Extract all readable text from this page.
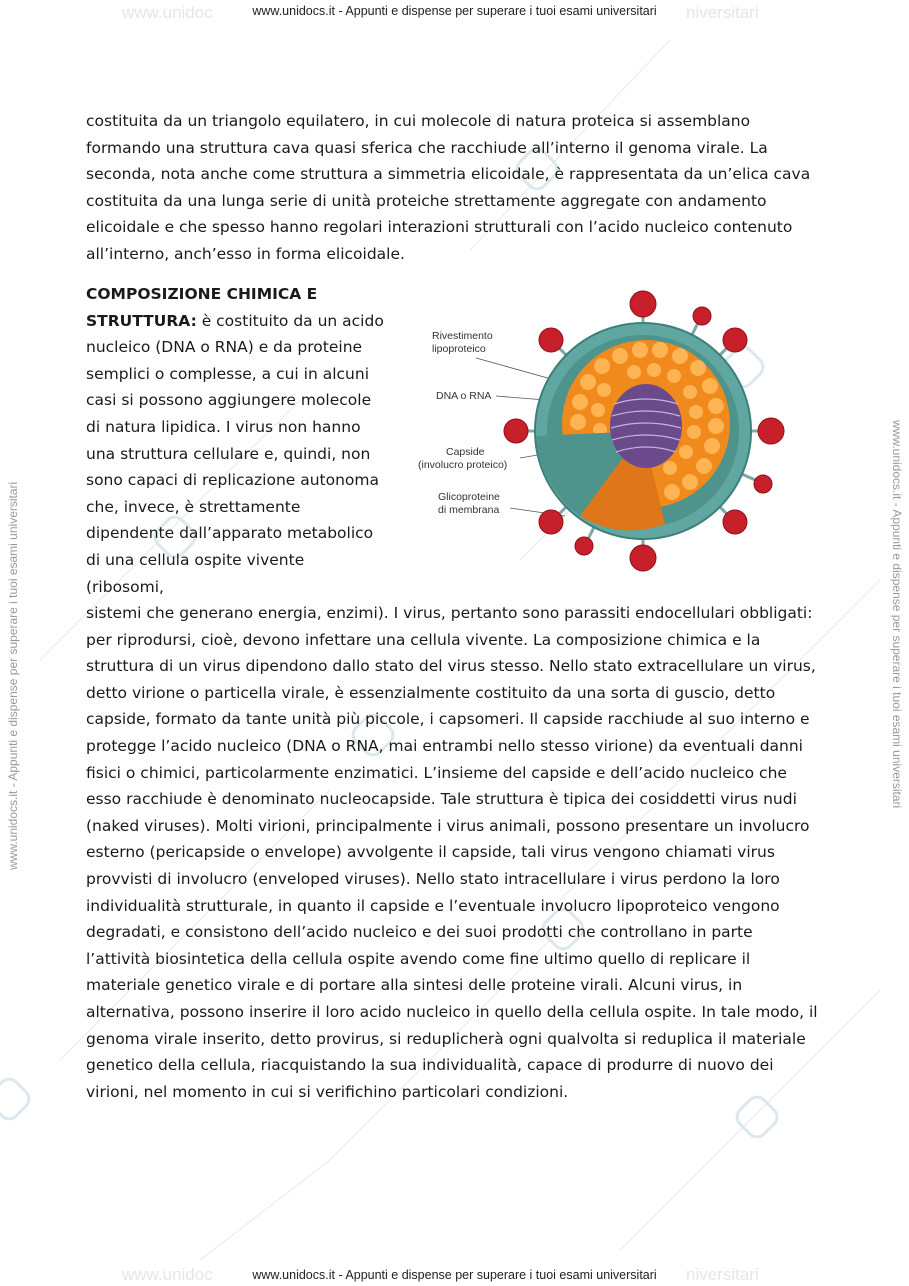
www.unidoc	niversitari
www.unidoc	niversitari
www.unidocs.it - Appunti e dispense per superare i tuoi esami universitari
www.unidocs.it - Appunti e dispense per superare i tuoi esami universitari
www.unidocs.it - Appunti e dispense per superare i tuoi esami universitari	www.unidocs.it - Appunti e dispense per superare i tuoi esami universitari

costituita da un triangolo equilatero, in cui molecole di natura proteica si assemblano formando una struttura cava quasi sferica che racchiude all’interno il genoma virale. La seconda, nota anche come struttura a simmetria elicoidale, è rappresentata da un’elica cava costituita da una lunga serie di unità proteiche strettamente aggregate con andamento elicoidale e che spesso hanno regolari interazioni strutturali con l’acido nucleico contenuto all’interno, anch’esso in forma elicoidale.

COMPOSIZIONE CHIMICA E STRUTTURA: è costituito da un acido nucleico (DNA o RNA) e da proteine semplici o complesse, a cui in alcuni casi si possono aggiungere molecole di natura lipidica. I virus non hanno una struttura cellulare e, quindi, non sono capaci di replicazione autonoma che, invece, è strettamente dipendente dall’apparato metabolico di una cellula ospite vivente (ribosomi,

Rivestimento
lipoproteico
DNA o RNA
Capside
(involucro proteico)
Glicoproteine
di membrana

sistemi che generano energia, enzimi). I virus, pertanto sono parassiti endocellulari obbligati: per riprodursi, cioè, devono infettare una cellula vivente. La composizione chimica e la struttura di un virus dipendono dallo stato del virus stesso. Nello stato extracellulare un virus, detto virione o particella virale, è essenzialmente costituito da una sorta di guscio, detto capside, formato da tante unità più piccole, i capsomeri. Il capside racchiude al suo interno e protegge l’acido nucleico (DNA o RNA, mai entrambi nello stesso virione) da eventuali danni fisici o chimici, particolarmente enzimatici. L’insieme del capside e dell’acido nucleico che esso racchiude è denominato nucleocapside. Tale struttura è tipica dei cosiddetti virus nudi (naked viruses). Molti virioni, principalmente i virus animali, possono presentare un involucro esterno (pericapside o envelope) avvolgente il capside, tali virus vengono chiamati virus provvisti di involucro (enveloped viruses). Nello stato intracellulare i virus perdono la loro individualità strutturale, in quanto il capside e l’eventuale involucro lipoproteico vengono degradati, e consistono dell’acido nucleico e dei suoi prodotti che controllano in parte l’attività biosintetica della cellula ospite avendo come fine ultimo quello di replicare il materiale genetico virale e di portare alla sintesi delle proteine virali. Alcuni virus, in alternativa, possono inserire il loro acido nucleico in quello della cellula ospite. In tale modo, il genoma virale inserito, detto provirus, si reduplicherà ogni qualvolta si reduplica il materiale genetico della cellula, riacquistando la sua individualità, capace di produrre di nuovo dei virioni, nel momento in cui si verifichino particolari condizioni.
